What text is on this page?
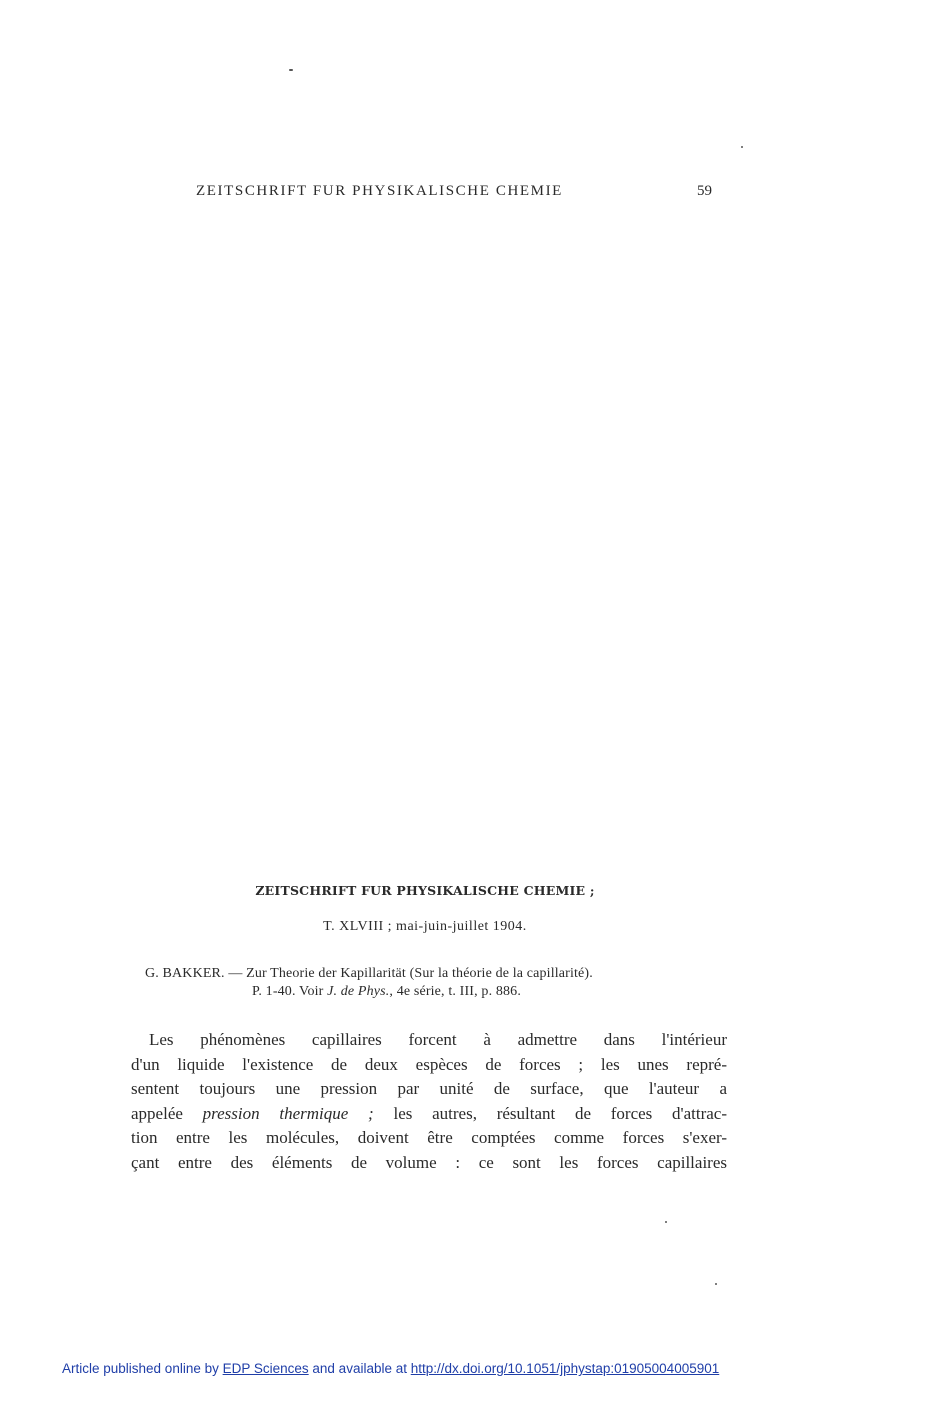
ZEITSCHRIFT FUR PHYSIKALISCHE CHEMIE	59
ZEITSCHRIFT FUR PHYSIKALISCHE CHEMIE ;
T. XLVIII ; mai-juin-juillet 1904.
G. BAKKER. — Zur Theorie der Kapillarität (Sur la théorie de la capillarité).
P. 1-40. Voir J. de Phys., 4e série, t. III, p. 886.
Les phénomènes capillaires forcent à admettre dans l'intérieur
d'un liquide l'existence de deux espèces de forces ; les unes repré-
sentent toujours une pression par unité de surface, que l'auteur a
appelée pression thermique ; les autres, résultant de forces d'attrac-
tion entre les molécules, doivent être comptées comme forces s'exer-
çant entre des éléments de volume : ce sont les forces capillaires
Article published online by EDP Sciences and available at http://dx.doi.org/10.1051/jphystap:01905004005901
